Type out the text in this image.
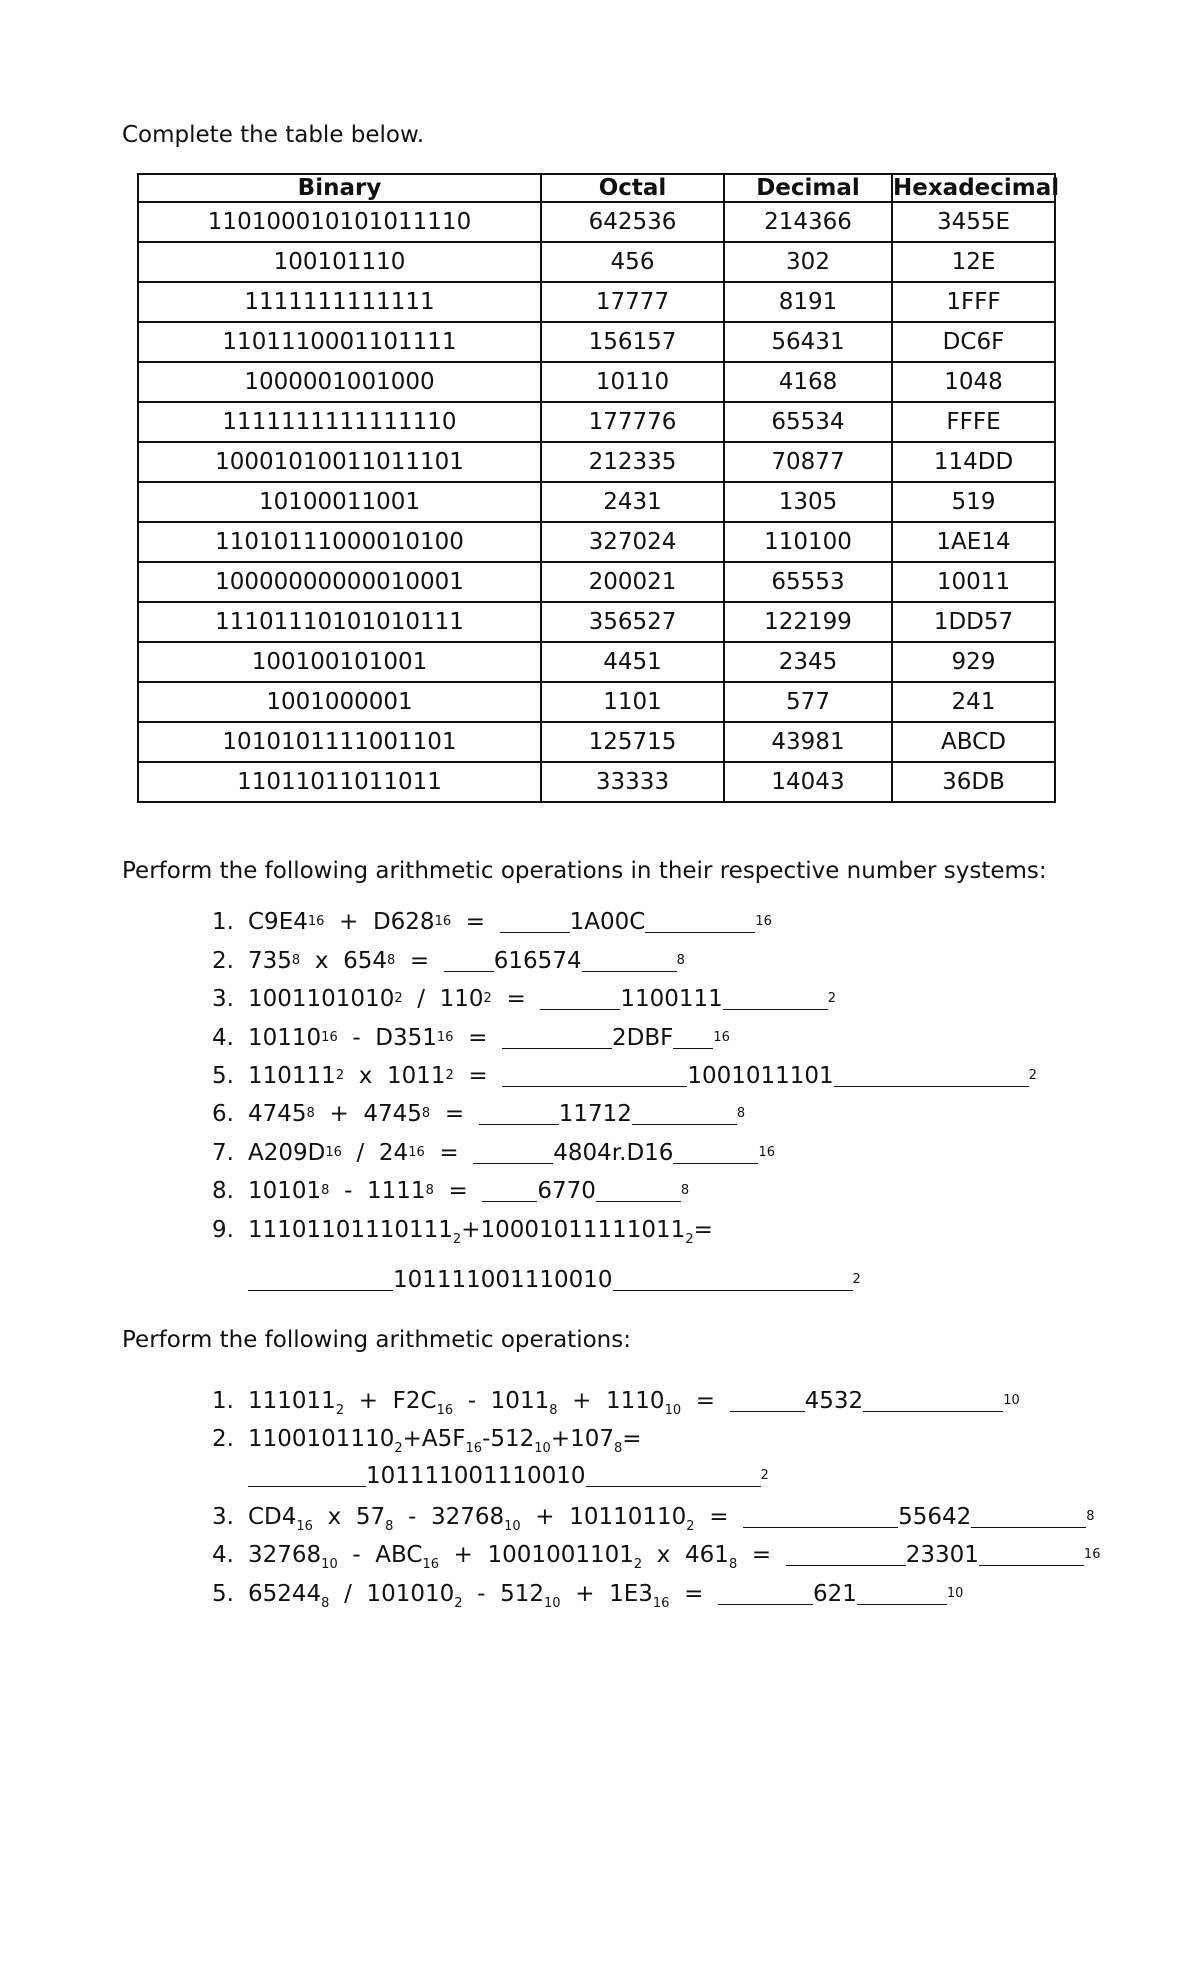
Complete the table below.

Binary	Octal	Decimal	Hexadecimal
110100010101011110	642536	214366	3455E
100101110	456	302	12E
1111111111111	17777	8191	1FFF
1101110001101111	156157	56431	DC6F
1000001001000	10110	4168	1048
1111111111111110	177776	65534	FFFE
10001010011011101	212335	70877	114DD
10100011001	2431	1305	519
11010111000010100	327024	110100	1AE14
10000000000010001	200021	65553	10011
11101110101010111	356527	122199	1DD57
100100101001	4451	2345	929
1001000001	1101	577	241
1010101111001101	125715	43981	ABCD
11011011011011	33333	14043	36DB

Perform the following arithmetic operations in their respective number systems:

1. C9E4 16
+
D628 16
=
	1A00C	16
2. 735 8
x
654 8
=
	616574	8
3. 1001101010 2
/
110 2
=
	1100111	2
4. 10110 16
-
D351 16
=
	2DBF	16
5. 110111 2
x
1011 2
=
	1001011101	2
6. 4745 8
+
4745 8
=
	11712	8
7. A209D 16
/
24 16
=
	4804r.D16	16
8. 10101 8
-
1111 8
=
	6770	8
9. $11101101110111_2 + 10001011111011_2$ =
101111001110010	2

Perform the following arithmetic operations:

1. $111011_2$
+
$F2C_{16}$
-
$1011_8$
+
$1110_{10}$
=
	4532	10
2. $1100101110_2 + A5F_{16} - 512_{10} + 107_8$ =
3. $CD4_{16}$
x
$57_8$
-
$32768_{10}$
+
$10110110_2$
=
	55642	8
4. $32768_{10}$
-
$ABC_{16}$
+
$1001001101_2$
x
$461_8$
=
	23301	16
5. $65244_8$
/
$101010_2$
-
$512_{10}$
+
$1E3_{16}$
=
	621	10
101111001110010	2
